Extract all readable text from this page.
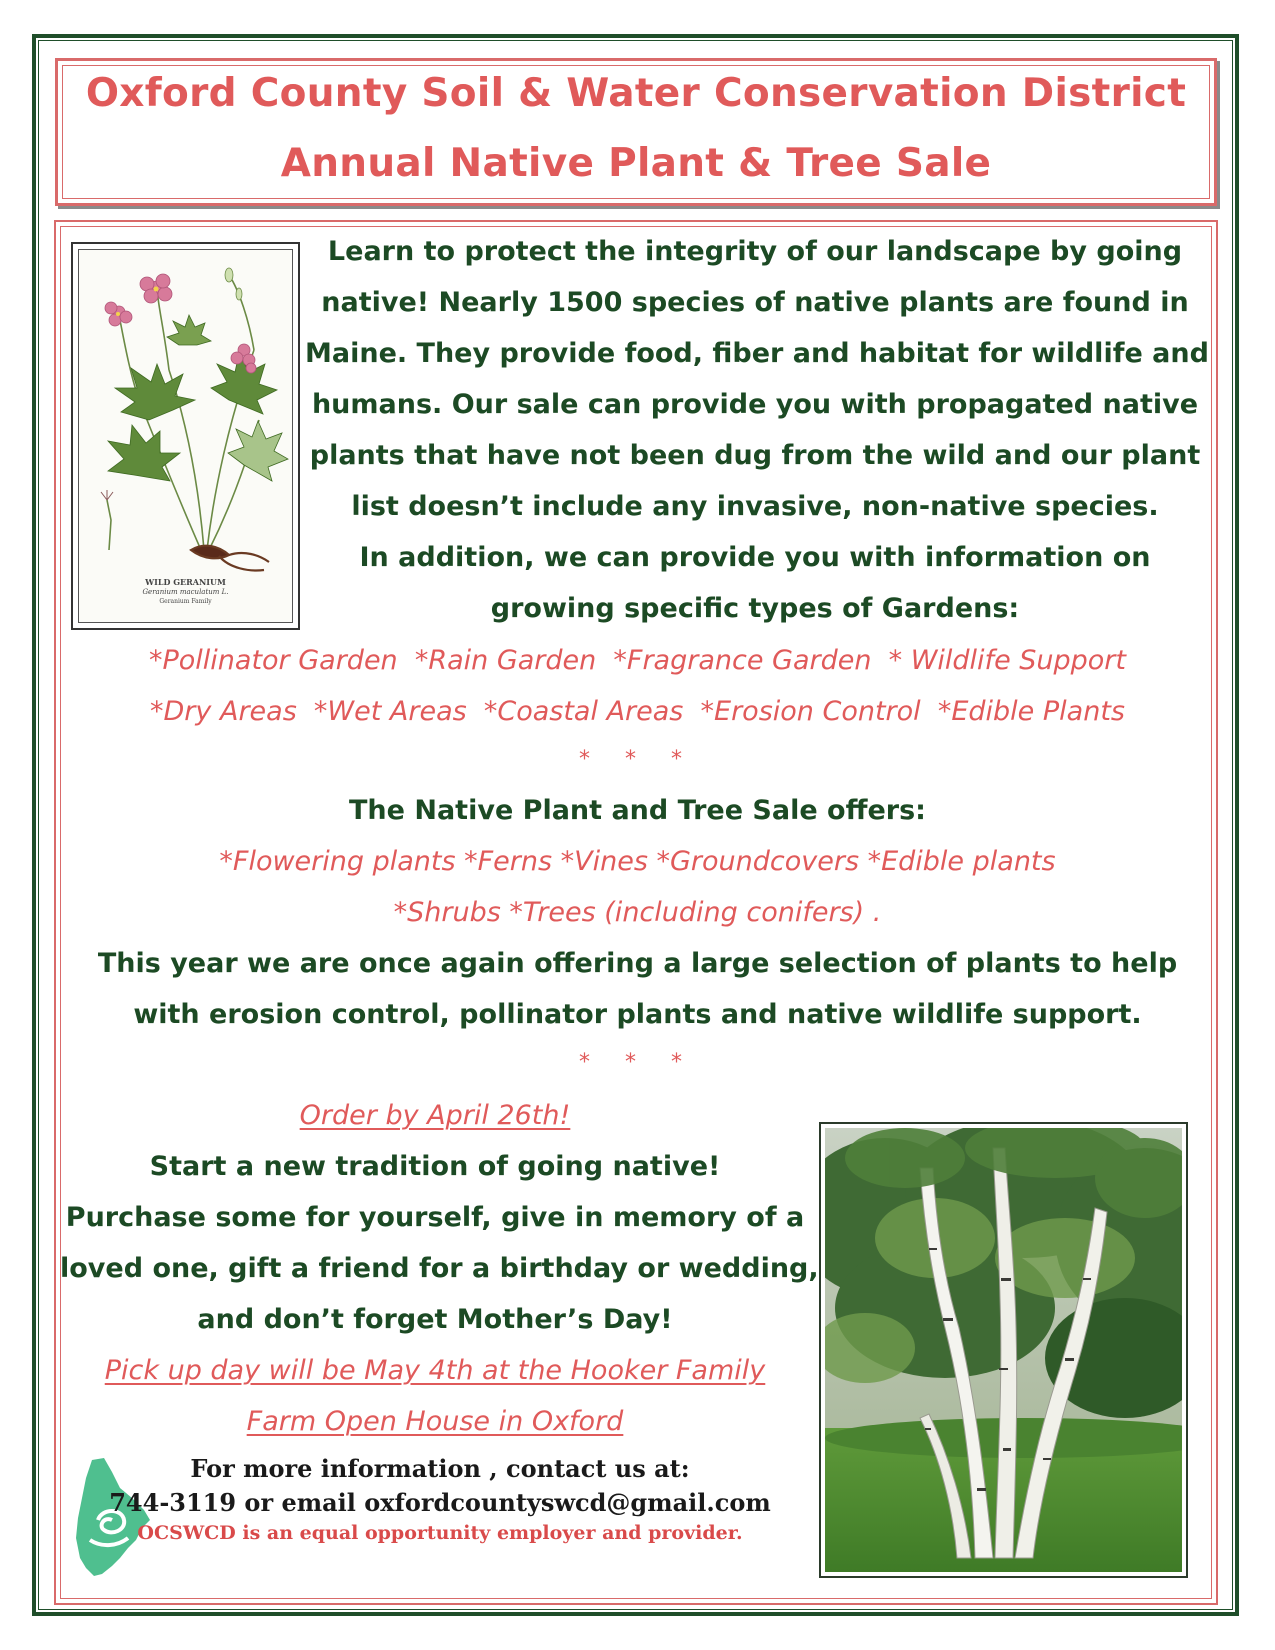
Oxford County Soil & Water Conservation District
Annual Native Plant & Tree Sale
WILD GERANIUM
Geranium maculatum L.
Geranium Family
Learn to protect the integrity of our landscape by going
native! Nearly 1500 species of native plants are found in
Maine. They provide food, fiber and habitat for wildlife and
humans. Our sale can provide you with propagated native
plants that have not been dug from the wild and our plant
list doesn’t include any invasive, non-native species.
In addition, we can provide you with information on
growing specific types of Gardens:
*Pollinator Garden  *Rain Garden  *Fragrance Garden  * Wildlife Support
*Dry Areas  *Wet Areas  *Coastal Areas  *Erosion Control  *Edible Plants
* * *
The Native Plant and Tree Sale offers:
*Flowering plants *Ferns *Vines *Groundcovers *Edible plants
*Shrubs *Trees (including conifers) .
This year we are once again offering a large selection of plants to help
with erosion control, pollinator plants and native wildlife support.
* * *
Order by April 26th!
Start a new tradition of going native!
Purchase some for yourself, give in memory of a
loved one, gift a friend for a birthday or wedding,
and don’t forget Mother’s Day!
Pick up day will be May 4th at the Hooker Family
Farm Open House in Oxford
For more information , contact us at:
744-3119 or email oxfordcountyswcd@gmail.com
OCSWCD is an equal opportunity employer and provider.
